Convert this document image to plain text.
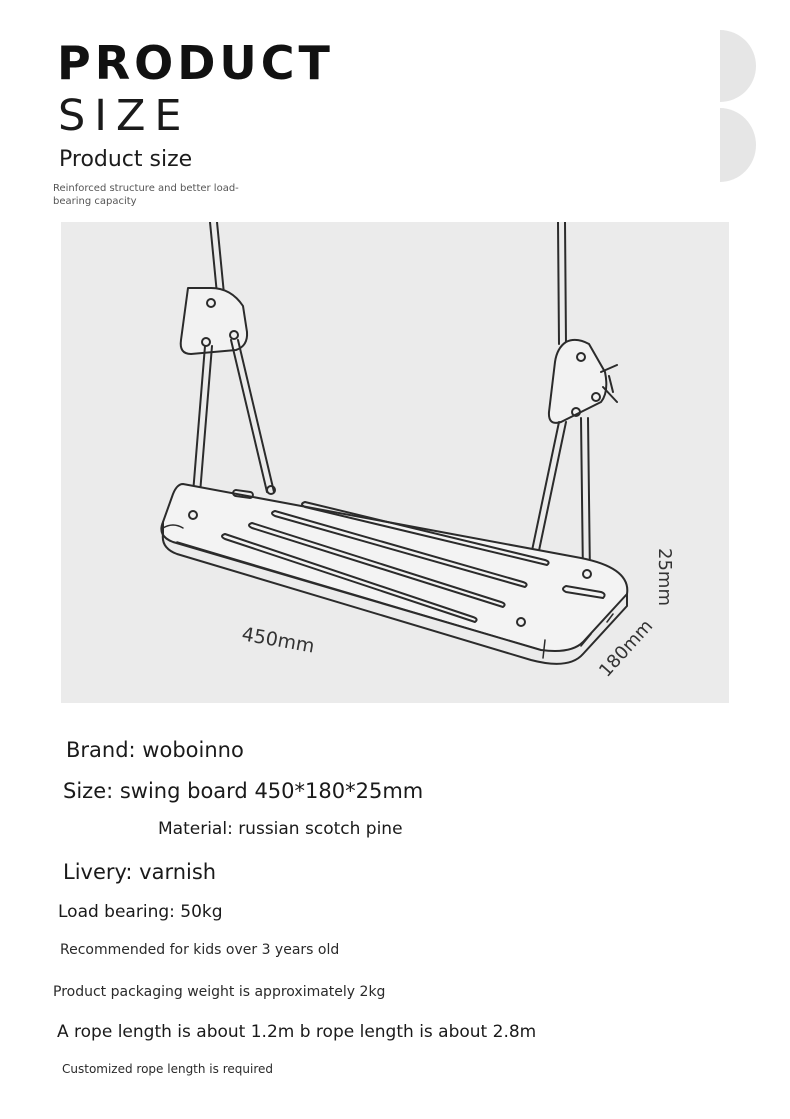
PRODUCT
SIZE
Product size
Reinforced structure and better load-bearing capacity
450mm	180mm
25mm
Brand: woboinno
Size: swing board 450*180*25mm
Material: russian scotch pine
Livery: varnish
Load bearing: 50kg
Recommended for kids over 3 years old
Product packaging weight is approximately 2kg
A rope length is about 1.2m b rope length is about 2.8m
Customized rope length is required
